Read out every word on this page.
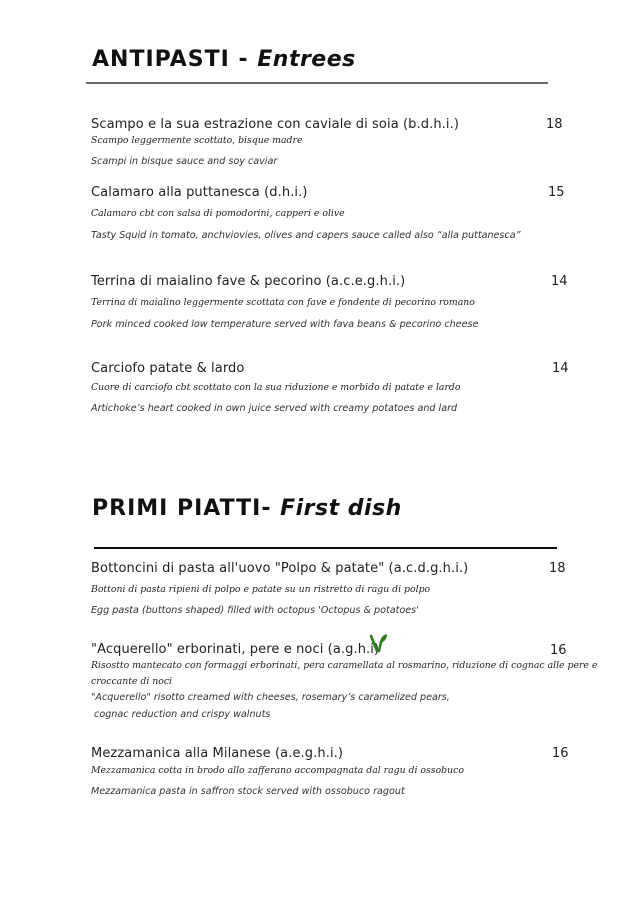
ANTIPASTI - Entrees
Scampo e la sua estrazione con caviale di soia (b.d.h.i.)	18
Scampo leggermente scottato, bisque madre
Scampi in bisque sauce and soy caviar
Calamaro alla puttanesca (d.h.i.)	15
Calamaro cbt con salsa di pomodorini, capperi e olive
Tasty Squid in tomato, anchviovies, olives and capers sauce called also “alla puttanesca”
Terrina di maialino fave & pecorino (a.c.e.g.h.i.)	14
Terrina di maialino leggermente scottata con fave e fondente di pecorino romano
Pork minced cooked low temperature served with fava beans & pecorino cheese
Carciofo patate & lardo	14
Cuore di carciofo cbt scottato con la sua riduzione e morbido di patate e lardo
Artichoke’s heart cooked in own juice served with creamy potatoes and lard
PRIMI PIATTI- First dish
Bottoncini di pasta all'uovo "Polpo & patate" (a.c.d.g.h.i.)	18
Bottoni di pasta ripieni di polpo e patate su un ristretto di ragu di polpo
Egg pasta (buttons shaped) filled with octopus 'Octopus & potatoes'
"Acquerello" erborinati, pere e noci (a.g.h.i)	16
Risostto mantecato con formaggi erborinati, pera caramellata al rosmarino, riduzione di cognac alle pere e
croccante di noci
"Acquerello" risotto creamed with cheeses, rosemary’s caramelized pears,
cognac reduction and crispy walnuts
Mezzamanica alla Milanese (a.e.g.h.i.)	16
Mezzamanica cotta in brodo allo zafferano accompagnata dal ragu di ossobuco
Mezzamanica pasta in saffron stock served with ossobuco ragout
